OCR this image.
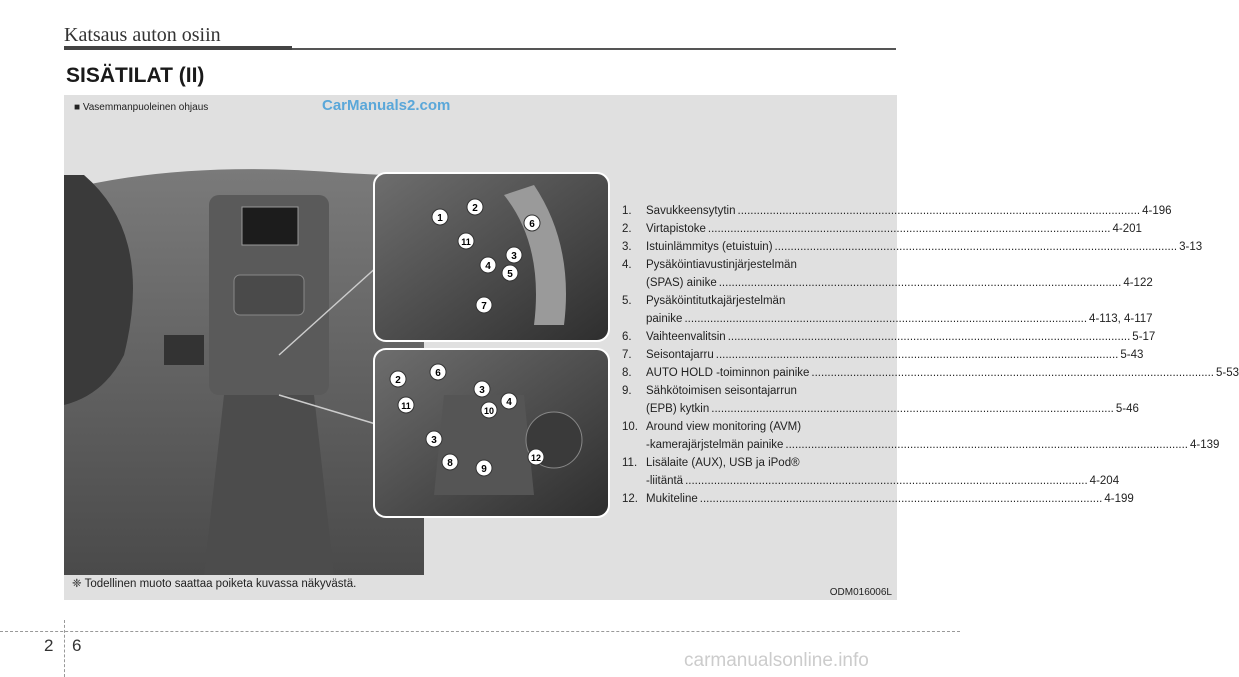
Katsaus auton osiin
SISÄTILAT (II)
1
2
11
6
3
4
5
7
2
6
11
3
4
10
3
8
9
12
■ Vasemmanpuoleinen ohjaus	CarManuals2.com
❈ Todellinen muoto saattaa poiketa kuvassa näkyvästä.
ODM016006L
1.	Savukkeensytytin .....	4-196
2.	Virtapistoke .....	4-201
3.	Istuinlämmitys (etuistuin) .....	3-13
4.	Pysäköintiavustinjärjestelmän
(SPAS) ainike .....	4-122
5.	Pysäköintitutkajärjestelmän
painike .....	4-113, 4-117
6.	Vaihteenvalitsin .....	5-17
7.	Seisontajarru .....	5-43
8.	AUTO HOLD -toiminnon painike .....	5-53
9.	Sähkötoimisen seisontajarrun
(EPB) kytkin .....	5-46
10. Around view monitoring (AVM)
-kamerajärjstelmän painike .....	4-139
11. Lisälaite (AUX), USB ja iPod®
-liitäntä .....	4-204
12. Mukiteline .....	4-199
2 6
carmanualsonline.info
